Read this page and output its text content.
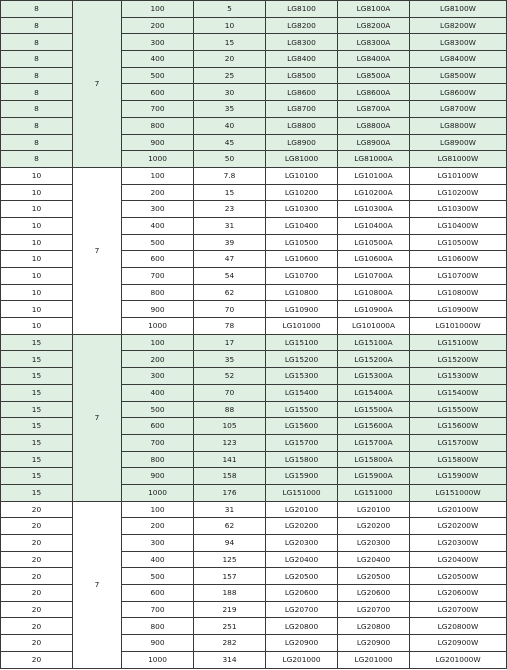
8	7	100	5	LG8100	LG8100A	LG8100W
8		200	10	LG8200	LG8200A	LG8200W
8		300	15	LG8300	LG8300A	LG8300W
8		400	20	LG8400	LG8400A	LG8400W
8		500	25	LG8500	LG8500A	LG8500W
8		600	30	LG8600	LG8600A	LG8600W
8		700	35	LG8700	LG8700A	LG8700W
8		800	40	LG8800	LG8800A	LG8800W
8		900	45	LG8900	LG8900A	LG8900W
8		1000	50	LG81000	LG81000A	LG81000W
10	7	100	7.8	LG10100	LG10100A	LG10100W
10		200	15	LG10200	LG10200A	LG10200W
10		300	23	LG10300	LG10300A	LG10300W
10		400	31	LG10400	LG10400A	LG10400W
10		500	39	LG10500	LG10500A	LG10500W
10		600	47	LG10600	LG10600A	LG10600W
10		700	54	LG10700	LG10700A	LG10700W
10		800	62	LG10800	LG10800A	LG10800W
10		900	70	LG10900	LG10900A	LG10900W
10		1000	78	LG101000	LG101000A	LG101000W
15	7	100	17	LG15100	LG15100A	LG15100W
15		200	35	LG15200	LG15200A	LG15200W
15		300	52	LG15300	LG15300A	LG15300W
15		400	70	LG15400	LG15400A	LG15400W
15		500	88	LG15500	LG15500A	LG15500W
15		600	105	LG15600	LG15600A	LG15600W
15		700	123	LG15700	LG15700A	LG15700W
15		800	141	LG15800	LG15800A	LG15800W
15		900	158	LG15900	LG15900A	LG15900W
15		1000	176	LG151000	LG151000	LG151000W
20	7	100	31	LG20100	LG20100	LG20100W
20		200	62	LG20200	LG20200	LG20200W
20		300	94	LG20300	LG20300	LG20300W
20		400	125	LG20400	LG20400	LG20400W
20		500	157	LG20500	LG20500	LG20500W
20		600	188	LG20600	LG20600	LG20600W
20		700	219	LG20700	LG20700	LG20700W
20		800	251	LG20800	LG20800	LG20800W
20		900	282	LG20900	LG20900	LG20900W
20		1000	314	LG201000	LG201000	LG201000W
